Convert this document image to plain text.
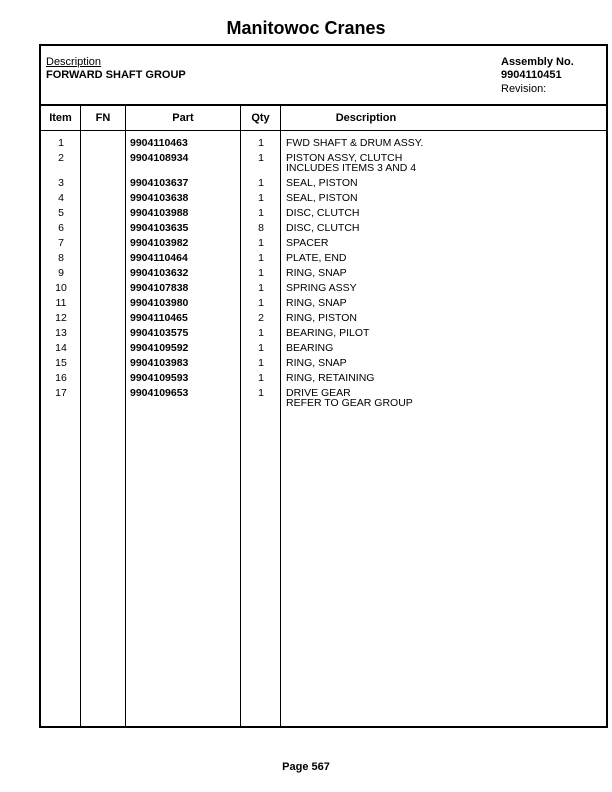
Manitowoc Cranes
Description
FORWARD SHAFT GROUP
Assembly No.
9904110451
Revision:
Item	FN	Part	Qty	Description
1	9904110463	1	FWD SHAFT & DRUM ASSY.
2	9904108934	1	PISTON ASSY, CLUTCH
INCLUDES ITEMS 3 AND 4
3	9904103637	1	SEAL, PISTON
4	9904103638	1	SEAL, PISTON
5	9904103988	1	DISC, CLUTCH
6	9904103635	8	DISC, CLUTCH
7	9904103982	1	SPACER
8	9904110464	1	PLATE, END
9	9904103632	1	RING, SNAP
10	9904107838	1	SPRING ASSY
11	9904103980	1	RING, SNAP
12	9904110465	2	RING, PISTON
13	9904103575	1	BEARING, PILOT
14	9904109592	1	BEARING
15	9904103983	1	RING, SNAP
16	9904109593	1	RING, RETAINING
17	9904109653	1	DRIVE GEAR
REFER TO GEAR GROUP
Page 567
